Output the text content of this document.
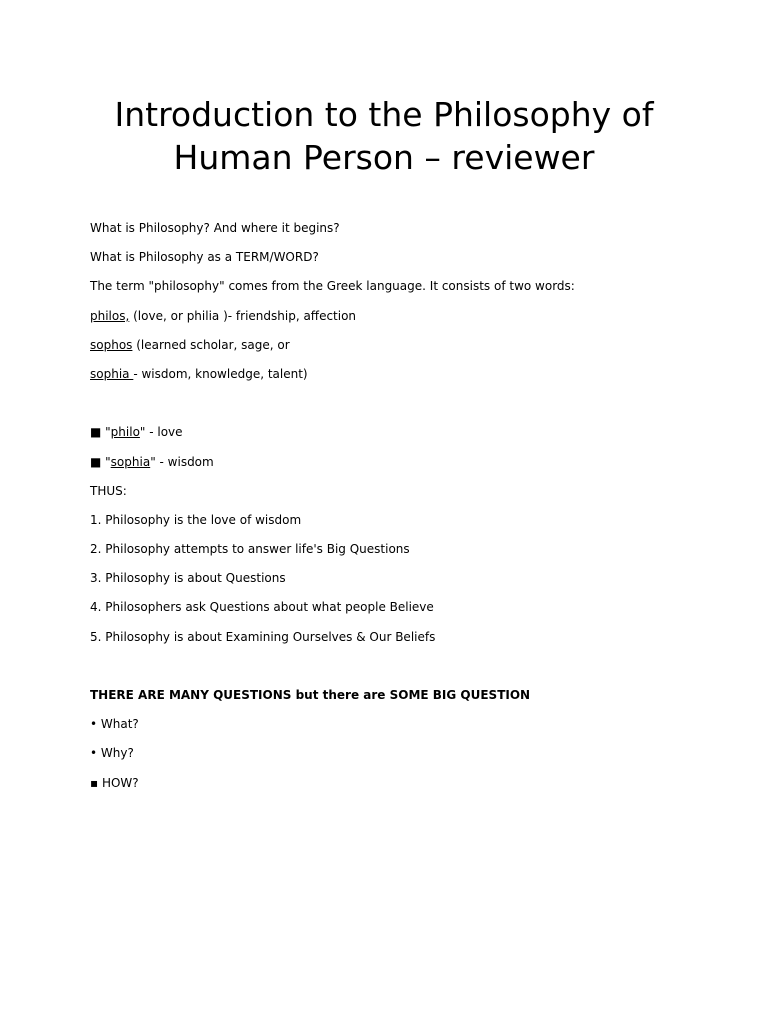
Introduction to the Philosophy of
Human Person – reviewer
What is Philosophy? And where it begins?
What is Philosophy as a TERM/WORD?
The term "philosophy" comes from the Greek language. It consists of two words:
philos, (love, or philia )- friendship, affection
sophos (learned scholar, sage, or
sophia - wisdom, knowledge, talent)
■ "philo" - love
■ "sophia" - wisdom
THUS:
1. Philosophy is the love of wisdom
2. Philosophy attempts to answer life's Big Questions
3. Philosophy is about Questions
4. Philosophers ask Questions about what people Believe
5. Philosophy is about Examining Ourselves & Our Beliefs
THERE ARE MANY QUESTIONS but there are SOME BIG QUESTION
• What?
• Why?
▪ HOW?
